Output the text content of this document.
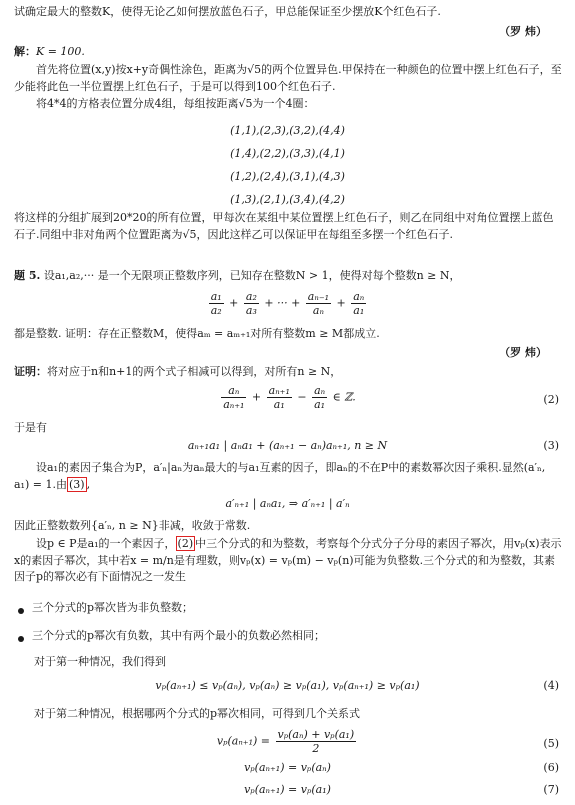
试确定最大的整数K，使得无论乙如何摆放蓝色石子，甲总能保证至少摆放K个红色石子.
（罗 炜）
解：K = 100.
首先将位置(x,y)按x+y奇偶性涂色，距离为√5的两个位置异色.甲保持在一种颜色的位置中摆上红色石子，至少能将此色一半位置摆上红色石子，于是可以得到100个红色石子.
将4*4的方格表位置分成4组，每组按距离√5为一个4圈：
(1,1),(2,3),(3,2),(4,4)
(1,4),(2,2),(3,3),(4,1)
(1,2),(2,4),(3,1),(4,3)
(1,3),(2,1),(3,4),(4,2)
将这样的分组扩展到20*20的所有位置，甲每次在某组中某位置摆上红色石子，则乙在同组中对角位置摆上蓝色石子.同组中非对角两个位置距离为√5，因此这样乙可以保证甲在每组至多摆一个红色石子.
题 5. 设a₁,a₂,··· 是一个无限项正整数序列，已知存在整数N > 1，使得对每个整数n ≥ N，
$\frac{\text{a₁}}{\text{a₂}} + \frac{\text{a₂}}{\text{a₃}}$ + ··· + $\frac{\text{aₙ₋₁}}{\text{aₙ}} + \frac{\text{aₙ}}{\text{a₁}}$
都是整数. 证明：存在正整数M，使得aₘ = aₘ₊₁对所有整数m ≥ M都成立.
（罗 炜）
证明：将对应于n和n+1的两个式子相减可以得到，对所有n ≥ N，
$\frac{\text{aₙ}}{\text{aₙ₊₁}} + \frac{\text{aₙ₊₁}}{\text{a₁}} - \frac{\text{aₙ}}{\text{a₁}}$ ∈ ℤ.	(2)
于是有
aₙ₊₁a₁ | aₙa₁ + (aₙ₊₁ − aₙ)aₙ₊₁, n ≥ N	(3)
设a₁的素因子集合为P，a′ₙ|aₙ为aₙ最大的与a₁互素的因子，即aₙ的不在P中的素数幂次因子乘积.显然(a′ₙ, a₁) = 1.由 (3) ,
a′ₙ₊₁ | aₙa₁, ⇒ a′ₙ₊₁ | a′ₙ
因此正整数数列{a′ₙ, n ≥ N}非减，收敛于常数.
设p ∈ P是a₁的一个素因子， (2) 中三个分式的和为整数，考察每个分式分子分母的素因子幂次，用vₚ(x)表示x的素因子幂次，其中若x = m/n是有理数，则vₚ(x) = vₚ(m) − vₚ(n)可能为负整数.三个分式的和为整数，其素因子p的幂次必有下面情况之一发生
三个分式的p幂次皆为非负整数；
三个分式的p幂次有负数，其中有两个最小的负数必然相同；
对于第一种情况，我们得到
vₚ(aₙ₊₁) ≤ vₚ(aₙ), vₚ(aₙ) ≥ vₚ(a₁), vₚ(aₙ₊₁) ≥ vₚ(a₁)	(4)
对于第二种情况，根据哪两个分式的p幂次相同，可得到几个关系式
$v_p(a_{n+1}) = \frac{\text{vₚ(aₙ) + vₚ(a₁)}}{2}$	(5)
vₚ(aₙ₊₁) = vₚ(aₙ)	(6)
vₚ(aₙ₊₁) = vₚ(a₁)	(7)
